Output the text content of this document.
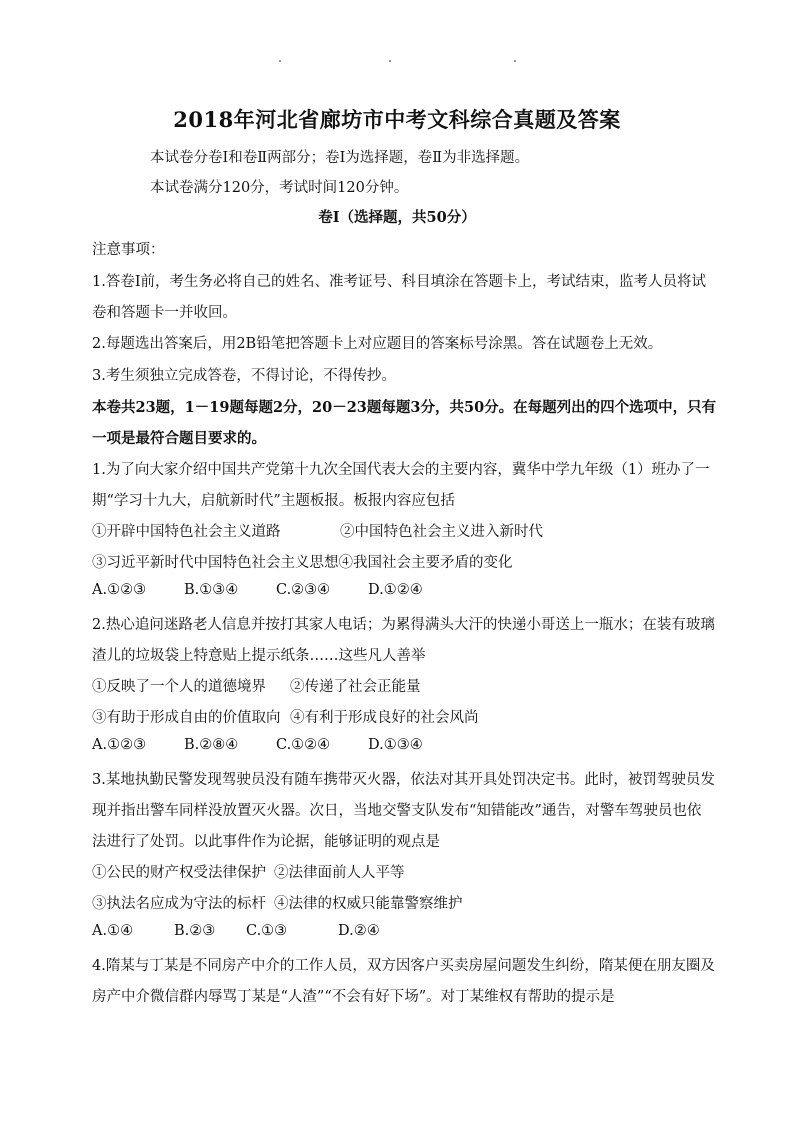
2018年河北省廊坊市中考文科综合真题及答案

本试卷分卷Ⅰ和卷Ⅱ两部分；卷Ⅰ为选择题，卷Ⅱ为非选择题。

本试卷满分120分，考试时间120分钟。

卷Ⅰ（选择题，共50分）

注意事项：

1.答卷Ⅰ前，考生务必将自己的姓名、准考证号、科目填涂在答题卡上，考试结束，监考人员将试

卷和答题卡一并收回。

2.每题选出答案后，用2B铅笔把答题卡上对应题目的答案标号涂黑。答在试题卷上无效。

3.考生须独立完成答卷，不得讨论，不得传抄。

本卷共23题，1－19题每题2分，20－23题每题3分，共50分。在每题列出的四个选项中，只有

一项是最符合题目要求的。

1.为了向大家介绍中国共产党第十九次全国代表大会的主要内容，冀华中学九年级（1）班办了一

期“学习十九大，启航新时代”主题板报。板报内容应包括

①开辟中国特色社会主义道路	②中国特色社会主义进入新时代

③习近平新时代中国特色社会主义思想④我国社会主要矛盾的变化

A.①②③	B.①③④	C.②③④	D.①②④

2.热心追问迷路老人信息并按打其家人电话；为累得满头大汗的快递小哥送上一瓶水；在装有玻璃

渣儿的垃圾袋上特意贴上提示纸条……这些凡人善举

①反映了一个人的道德境界 ②传递了社会正能量

③有助于形成自由的价值取向 ④有利于形成良好的社会风尚

A.①②③	B.②⑧④	C.①②④	D.①③④

3.某地执勤民警发现驾驶员没有随车携带灭火器，依法对其开具处罚决定书。此时，被罚驾驶员发

现并指出警车同样没放置灭火器。次日，当地交警支队发布“知错能改”通告，对警车驾驶员也依

法进行了处罚。以此事件作为论据，能够证明的观点是

①公民的财产权受法律保护 ②法律面前人人平等

③执法名应成为守法的标杆 ④法律的权威只能靠警察维护

A.①④	B.②③ C.①③	D.②④

4.隋某与丁某是不同房产中介的工作人员，双方因客户买卖房屋问题发生纠纷，隋某便在朋友圈及

房产中介微信群内辱骂丁某是“人渣”“不会有好下场”。对丁某维权有帮助的提示是
